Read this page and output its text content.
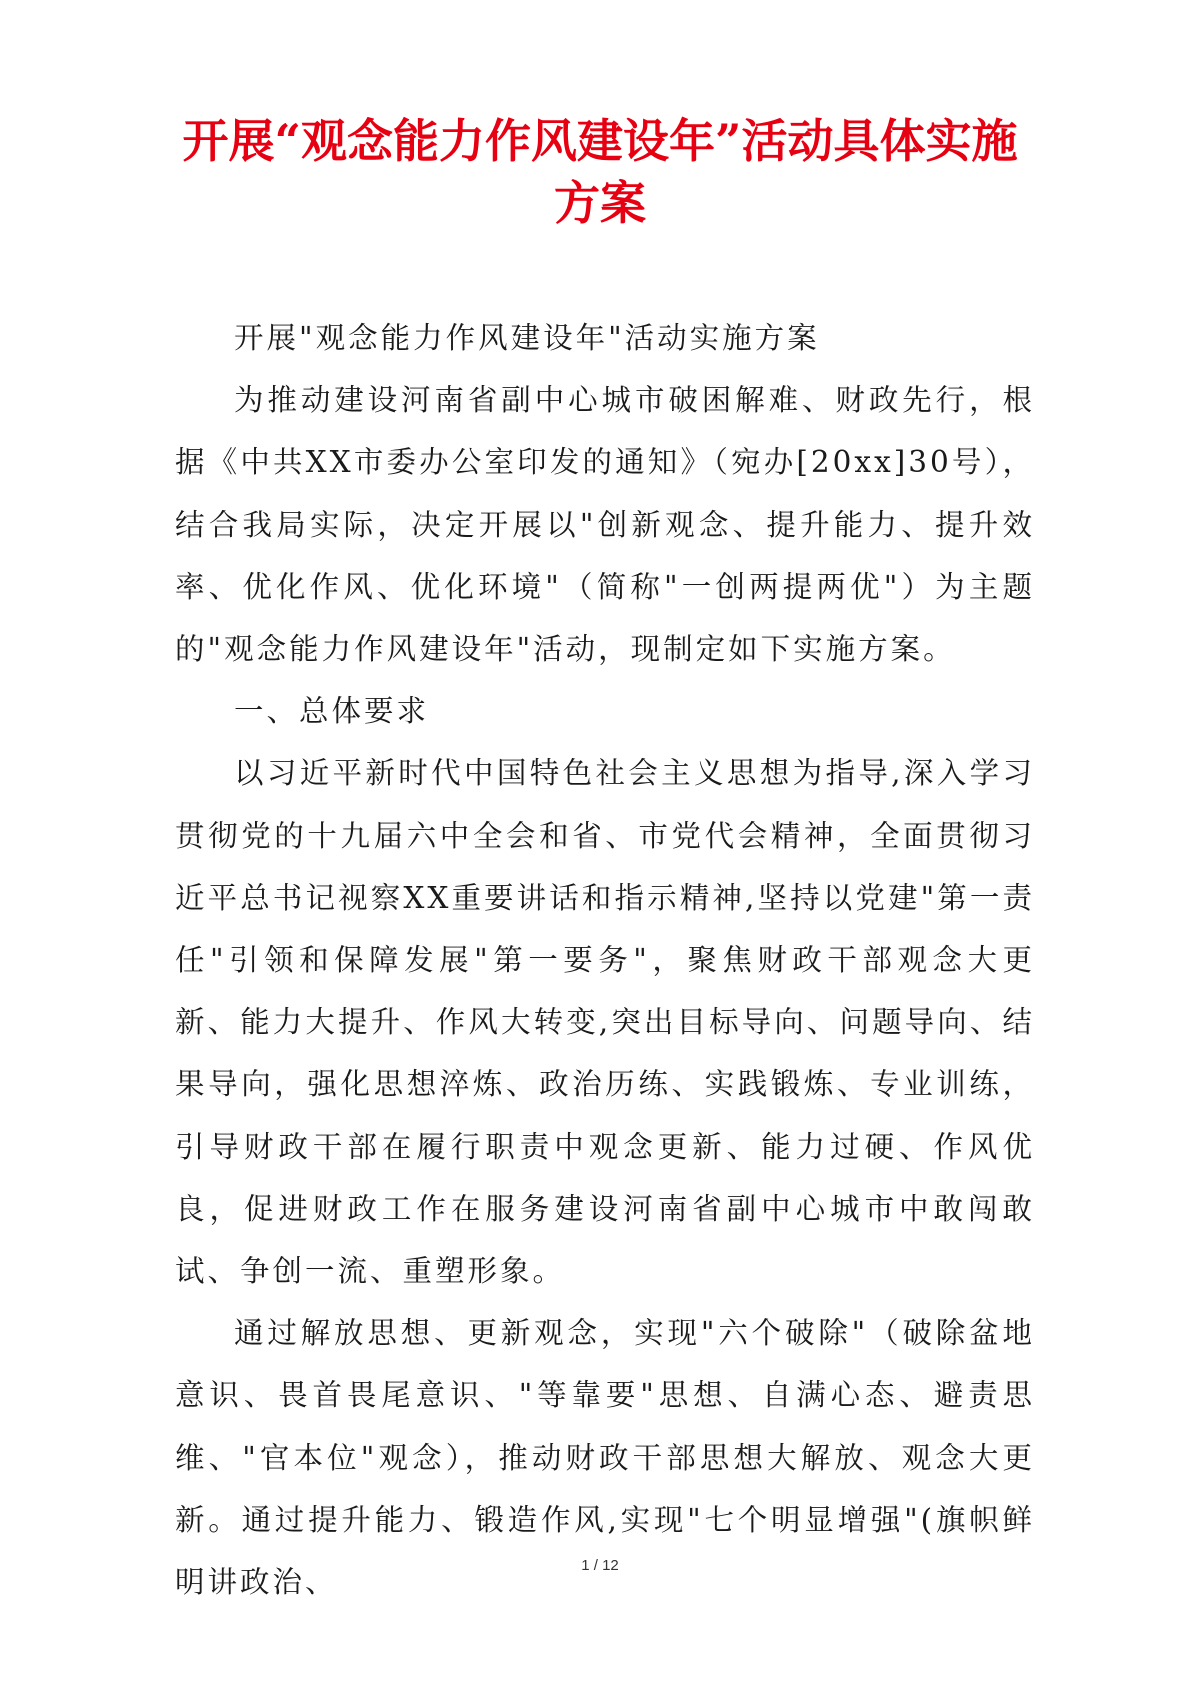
开展“观念能力作风建设年”活动具体实施方案

开展"观念能力作风建设年"活动实施方案

为推动建设河南省副中心城市破困解难、财政先行，根据《中共XX市委办公室印发的通知》（宛办[20xx]30号），结合我局实际，决定开展以"创新观念、提升能力、提升效率、优化作风、优化环境"（简称"一创两提两优"）为主题的"观念能力作风建设年"活动，现制定如下实施方案。

一、总体要求

以习近平新时代中国特色社会主义思想为指导,深入学习贯彻党的十九届六中全会和省、市党代会精神，全面贯彻习近平总书记视察XX重要讲话和指示精神,坚持以党建"第一责任"引领和保障发展"第一要务"，聚焦财政干部观念大更新、能力大提升、作风大转变,突出目标导向、问题导向、结果导向，强化思想淬炼、政治历练、实践锻炼、专业训练，引导财政干部在履行职责中观念更新、能力过硬、作风优良，促进财政工作在服务建设河南省副中心城市中敢闯敢试、争创一流、重塑形象。

通过解放思想、更新观念，实现"六个破除"（破除盆地意识、畏首畏尾意识、"等靠要"思想、自满心态、避责思维、"官本位"观念），推动财政干部思想大解放、观念大更新。通过提升能力、锻造作风,实现"七个明显增强"(旗帜鲜明讲政治、	1 / 12
